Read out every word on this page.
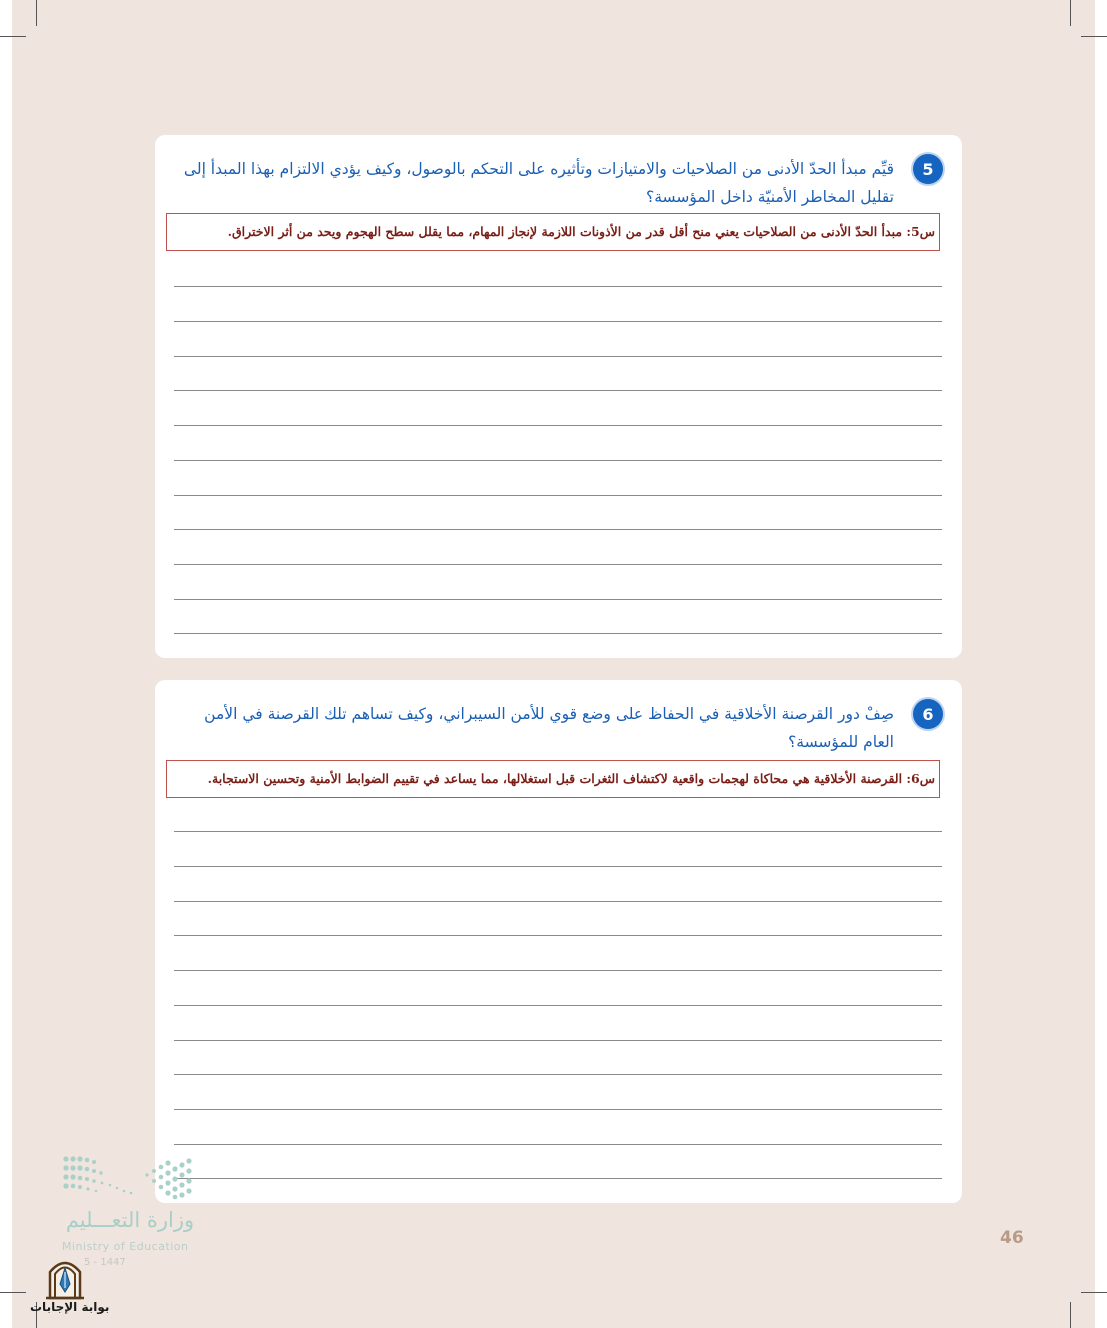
5
قيِّم مبدأ الحدّ الأدنى من الصلاحيات والامتيازات وتأثيره على التحكم بالوصول، وكيف يؤدي الالتزام بهذا المبدأ إلى تقليل المخاطر الأمنيّة داخل المؤسسة؟
س5: مبدأ الحدّ الأدنى من الصلاحيات يعني منح أقل قدر من الأذونات اللازمة لإنجاز المهام، مما يقلل سطح الهجوم ويحد من أثر الاختراق.
6
صِفْ دور القرصنة الأخلاقية في الحفاظ على وضع قوي للأمن السيبراني، وكيف تساهم تلك القرصنة في الأمن العام للمؤسسة؟
س6: القرصنة الأخلاقية هي محاكاة لهجمات واقعية لاكتشاف الثغرات قبل استغلالها، مما يساعد في تقييم الضوابط الأمنية وتحسين الاستجابة.
46
وزارة التعـــليم
Ministry of Education
5 - 1447
بوابة الإجابات
